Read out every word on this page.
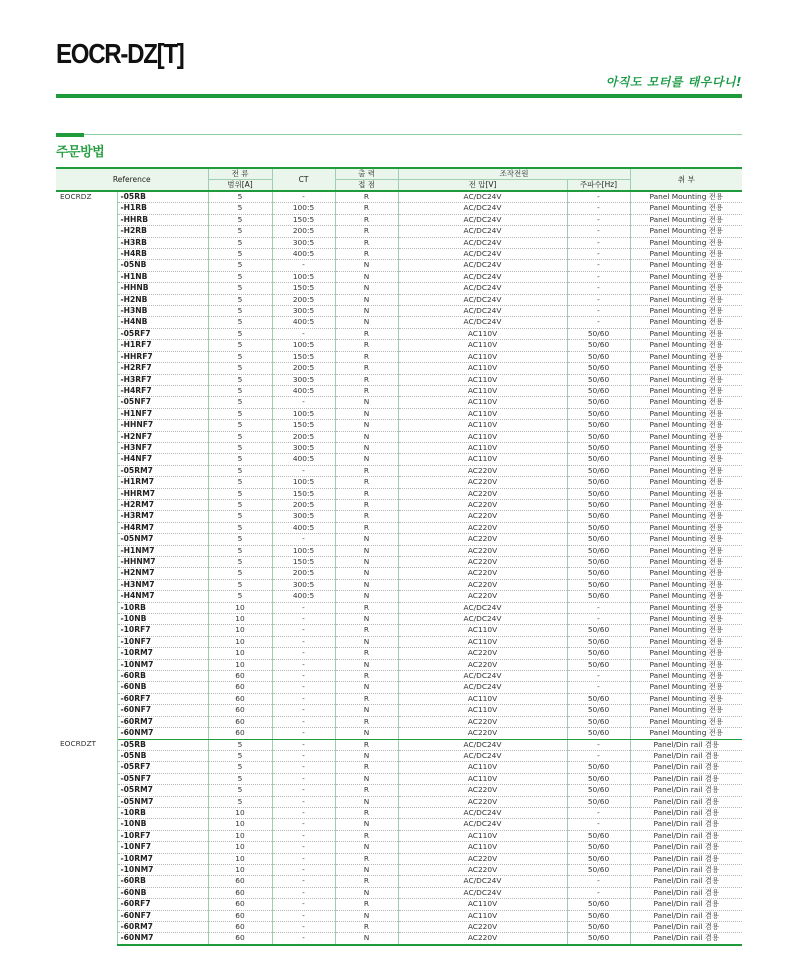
EOCR-DZ[T]
아직도 모터를 태우다니!
주문방법
Reference		전 류	CT	출 력	조작전원		취 부
		범위[A]		접 점	전 압[V]	주파수[Hz]	
EOCRDZ	-05RB	5	-	R	AC/DC24V	-	Panel Mounting 전용
	-H1RB	5	100:5	R	AC/DC24V	-	Panel Mounting 전용
	-HHRB	5	150:5	R	AC/DC24V	-	Panel Mounting 전용
	-H2RB	5	200:5	R	AC/DC24V	-	Panel Mounting 전용
	-H3RB	5	300:5	R	AC/DC24V	-	Panel Mounting 전용
	-H4RB	5	400:5	R	AC/DC24V	-	Panel Mounting 전용
	-05NB	5	-	N	AC/DC24V	-	Panel Mounting 전용
	-H1NB	5	100:5	N	AC/DC24V	-	Panel Mounting 전용
	-HHNB	5	150:5	N	AC/DC24V	-	Panel Mounting 전용
	-H2NB	5	200:5	N	AC/DC24V	-	Panel Mounting 전용
	-H3NB	5	300:5	N	AC/DC24V	-	Panel Mounting 전용
	-H4NB	5	400:5	N	AC/DC24V	-	Panel Mounting 전용
	-05RF7	5	-	R	AC110V	50/60	Panel Mounting 전용
	-H1RF7	5	100:5	R	AC110V	50/60	Panel Mounting 전용
	-HHRF7	5	150:5	R	AC110V	50/60	Panel Mounting 전용
	-H2RF7	5	200:5	R	AC110V	50/60	Panel Mounting 전용
	-H3RF7	5	300:5	R	AC110V	50/60	Panel Mounting 전용
	-H4RF7	5	400:5	R	AC110V	50/60	Panel Mounting 전용
	-05NF7	5	-	N	AC110V	50/60	Panel Mounting 전용
	-H1NF7	5	100:5	N	AC110V	50/60	Panel Mounting 전용
	-HHNF7	5	150:5	N	AC110V	50/60	Panel Mounting 전용
	-H2NF7	5	200:5	N	AC110V	50/60	Panel Mounting 전용
	-H3NF7	5	300:5	N	AC110V	50/60	Panel Mounting 전용
	-H4NF7	5	400:5	N	AC110V	50/60	Panel Mounting 전용
	-05RM7	5	-	R	AC220V	50/60	Panel Mounting 전용
	-H1RM7	5	100:5	R	AC220V	50/60	Panel Mounting 전용
	-HHRM7	5	150:5	R	AC220V	50/60	Panel Mounting 전용
	-H2RM7	5	200:5	R	AC220V	50/60	Panel Mounting 전용
	-H3RM7	5	300:5	R	AC220V	50/60	Panel Mounting 전용
	-H4RM7	5	400:5	R	AC220V	50/60	Panel Mounting 전용
	-05NM7	5	-	N	AC220V	50/60	Panel Mounting 전용
	-H1NM7	5	100:5	N	AC220V	50/60	Panel Mounting 전용
	-HHNM7	5	150:5	N	AC220V	50/60	Panel Mounting 전용
	-H2NM7	5	200:5	N	AC220V	50/60	Panel Mounting 전용
	-H3NM7	5	300:5	N	AC220V	50/60	Panel Mounting 전용
	-H4NM7	5	400:5	N	AC220V	50/60	Panel Mounting 전용
	-10RB	10	-	R	AC/DC24V	-	Panel Mounting 전용
	-10NB	10	-	N	AC/DC24V	-	Panel Mounting 전용
	-10RF7	10	-	R	AC110V	50/60	Panel Mounting 전용
	-10NF7	10	-	N	AC110V	50/60	Panel Mounting 전용
	-10RM7	10	-	R	AC220V	50/60	Panel Mounting 전용
	-10NM7	10	-	N	AC220V	50/60	Panel Mounting 전용
	-60RB	60	-	R	AC/DC24V	-	Panel Mounting 전용
	-60NB	60	-	N	AC/DC24V	-	Panel Mounting 전용
	-60RF7	60	-	R	AC110V	50/60	Panel Mounting 전용
	-60NF7	60	-	N	AC110V	50/60	Panel Mounting 전용
	-60RM7	60	-	R	AC220V	50/60	Panel Mounting 전용
	-60NM7	60	-	N	AC220V	50/60	Panel Mounting 전용
EOCRDZT	-05RB	5	-	R	AC/DC24V	-	Panel/Din rail 겸용
	-05NB	5	-	N	AC/DC24V	-	Panel/Din rail 겸용
	-05RF7	5	-	R	AC110V	50/60	Panel/Din rail 겸용
	-05NF7	5	-	N	AC110V	50/60	Panel/Din rail 겸용
	-05RM7	5	-	R	AC220V	50/60	Panel/Din rail 겸용
	-05NM7	5	-	N	AC220V	50/60	Panel/Din rail 겸용
	-10RB	10	-	R	AC/DC24V	-	Panel/Din rail 겸용
	-10NB	10	-	N	AC/DC24V	-	Panel/Din rail 겸용
	-10RF7	10	-	R	AC110V	50/60	Panel/Din rail 겸용
	-10NF7	10	-	N	AC110V	50/60	Panel/Din rail 겸용
	-10RM7	10	-	R	AC220V	50/60	Panel/Din rail 겸용
	-10NM7	10	-	N	AC220V	50/60	Panel/Din rail 겸용
	-60RB	60	-	R	AC/DC24V	-	Panel/Din rail 겸용
	-60NB	60	-	N	AC/DC24V	-	Panel/Din rail 겸용
	-60RF7	60	-	R	AC110V	50/60	Panel/Din rail 겸용
	-60NF7	60	-	N	AC110V	50/60	Panel/Din rail 겸용
	-60RM7	60	-	R	AC220V	50/60	Panel/Din rail 겸용
	-60NM7	60	-	N	AC220V	50/60	Panel/Din rail 겸용
